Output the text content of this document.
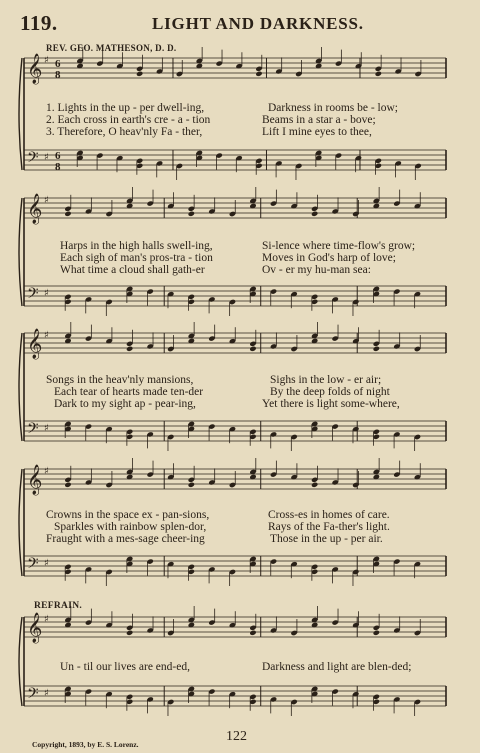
𝄞 ♯ 6
8
𝄢 ♯ 6
8
𝄞 ♯
𝄢 ♯
𝄞 ♯
𝄢 ♯
𝄞 ♯
𝄢 ♯
𝄞 ♯
𝄢 ♯
119.	LIGHT AND DARKNESS.
REV. GEO. MATHESON, D. D.
1. Lights in the up - per dwell-ing,	Darkness in rooms be - low;
2. Each cross in earth's cre - a - tion	Beams in a star a - bove;
3. Therefore, O heav'nly Fa - ther,	Lift I mine eyes to thee,
Harps in the high halls swell-ing,	Si-lence where time-flow's grow;
Each sigh of man's pros-tra - tion	Moves in God's harp of love;
What time a cloud shall gath-er	Ov - er my hu-man sea:
Songs in the heav'nly mansions,	Sighs in the low - er air;
Each tear of hearts made ten-der	By the deep folds of night
Dark to my sight ap - pear-ing,	Yet there is light some-where,
Crowns in the space ex - pan-sions,	Cross-es in homes of care.
Sparkles with rainbow splen-dor,	Rays of the Fa-ther's light.
Fraught with a mes-sage cheer-ing	Those in the up - per air.
REFRAIN.
Un - til our lives are end-ed,	Darkness and light are blen-ded;
122
Copyright, 1893, by E. S. Lorenz.
